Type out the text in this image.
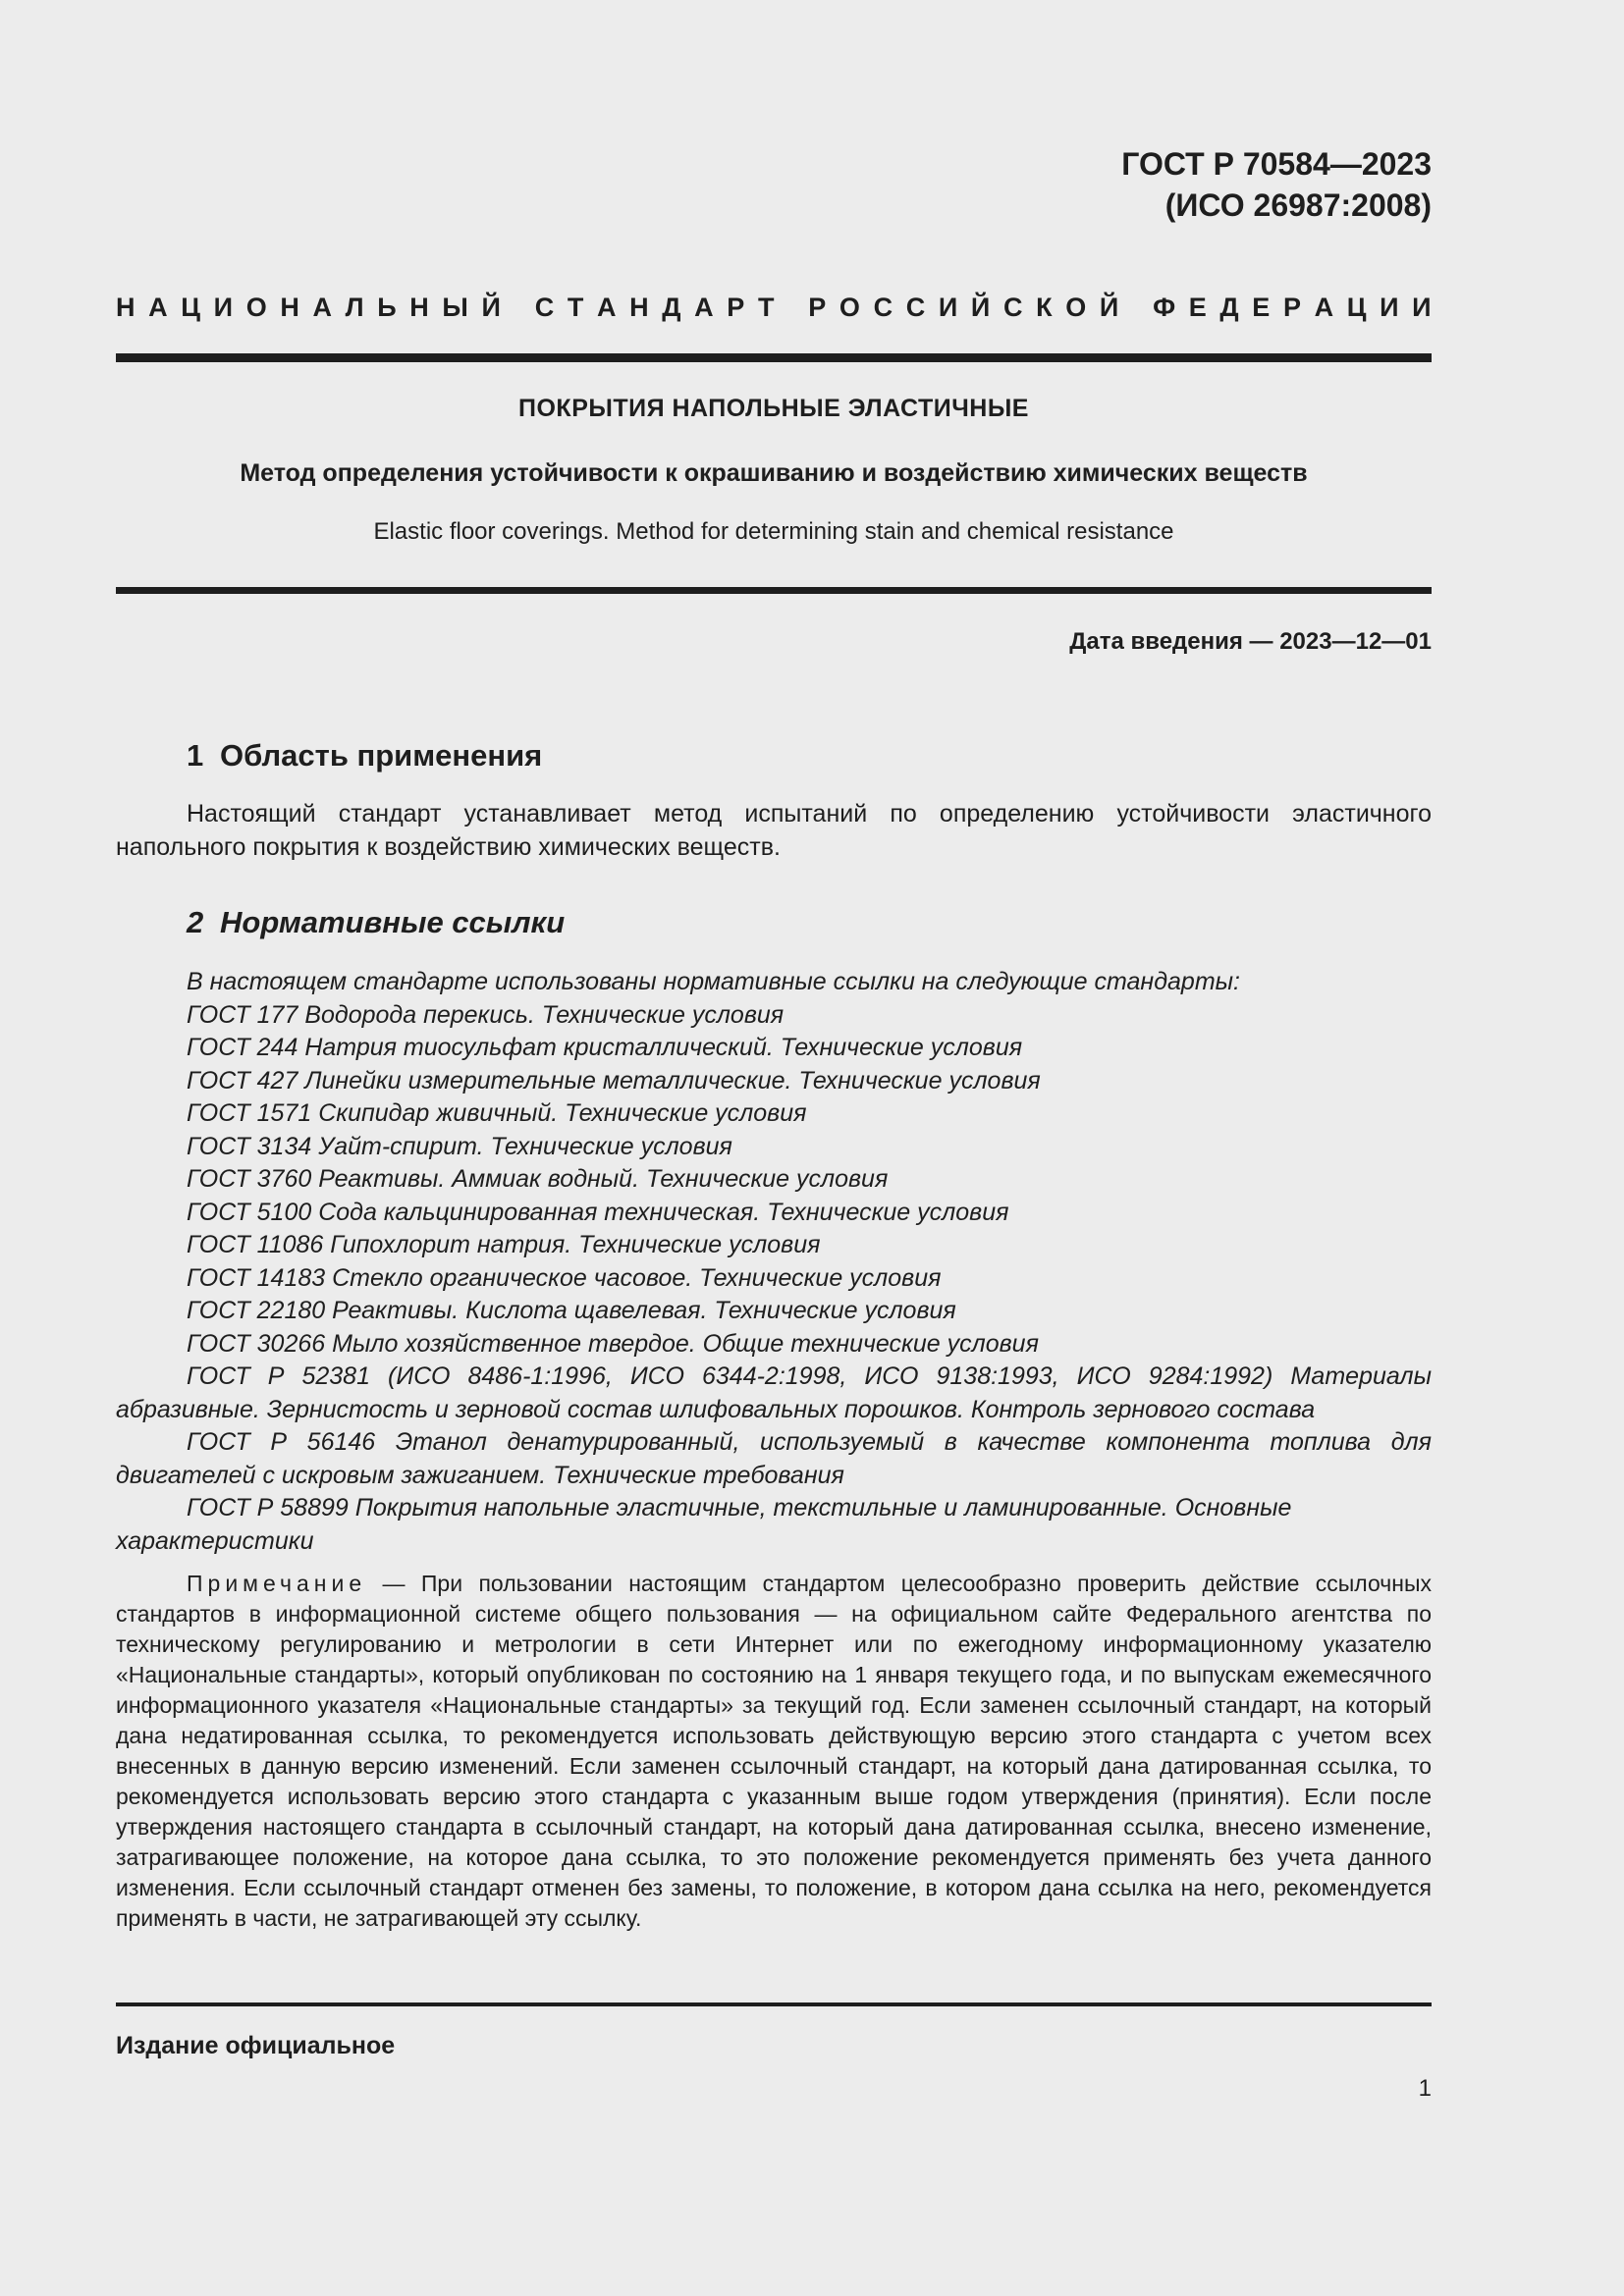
ГОСТ Р 70584—2023
(ИСО 26987:2008)
Н А Ц И О Н А Л Ь Н Ы Й
С Т А Н Д А Р Т
Р О С С И Й С К О Й
Ф Е Д Е Р А Ц И И
ПОКРЫТИЯ НАПОЛЬНЫЕ ЭЛАСТИЧНЫЕ
Метод определения устойчивости к окрашиванию и воздействию химических веществ
Elastic floor coverings. Method for determining stain and chemical resistance
Дата введения — 2023—12—01
1 Область применения
Настоящий стандарт устанавливает метод испытаний по определению устойчивости эластичного напольного покрытия к воздействию химических веществ.
2 Нормативные ссылки

В настоящем стандарте использованы нормативные ссылки на следующие стандарты:

ГОСТ 177 Водорода перекись. Технические условия

ГОСТ 244 Натрия тиосульфат кристаллический. Технические условия

ГОСТ 427 Линейки измерительные металлические. Технические условия

ГОСТ 1571 Скипидар живичный. Технические условия

ГОСТ 3134 Уайт-спирит. Технические условия

ГОСТ 3760 Реактивы. Аммиак водный. Технические условия

ГОСТ 5100 Сода кальцинированная техническая. Технические условия

ГОСТ 11086 Гипохлорит натрия. Технические условия

ГОСТ 14183 Стекло органическое часовое. Технические условия

ГОСТ 22180 Реактивы. Кислота щавелевая. Технические условия

ГОСТ 30266 Мыло хозяйственное твердое. Общие технические условия

ГОСТ Р 52381 (ИСО 8486-1:1996, ИСО 6344-2:1998, ИСО 9138:1993, ИСО 9284:1992) Материалы абразивные. Зернистость и зерновой состав шлифовальных порошков. Контроль зернового состава

ГОСТ Р 56146 Этанол денатурированный, используемый в качестве компонента топлива для двигателей с искровым зажиганием. Технические требования

ГОСТ Р 58899 Покрытия напольные эластичные, текстильные и ламинированные. Основные характеристики

Примечание — При пользовании настоящим стандартом целесообразно проверить действие ссылочных стандартов в информационной системе общего пользования — на официальном сайте Федерального агентства по техническому регулированию и метрологии в сети Интернет или по ежегодному информационному указателю «Национальные стандарты», который опубликован по состоянию на 1 января текущего года, и по выпускам ежемесячного информационного указателя «Национальные стандарты» за текущий год. Если заменен ссылочный стандарт, на который дана недатированная ссылка, то рекомендуется использовать действующую версию этого стандарта с учетом всех внесенных в данную версию изменений. Если заменен ссылочный стандарт, на который дана датированная ссылка, то рекомендуется использовать версию этого стандарта с указанным выше годом утверждения (принятия). Если после утверждения настоящего стандарта в ссылочный стандарт, на который дана датированная ссылка, внесено изменение, затрагивающее положение, на которое дана ссылка, то это положение рекомендуется применять без учета данного изменения. Если ссылочный стандарт отменен без замены, то положение, в котором дана ссылка на него, рекомендуется применять в части, не затрагивающей эту ссылку.
Издание официальное
1
